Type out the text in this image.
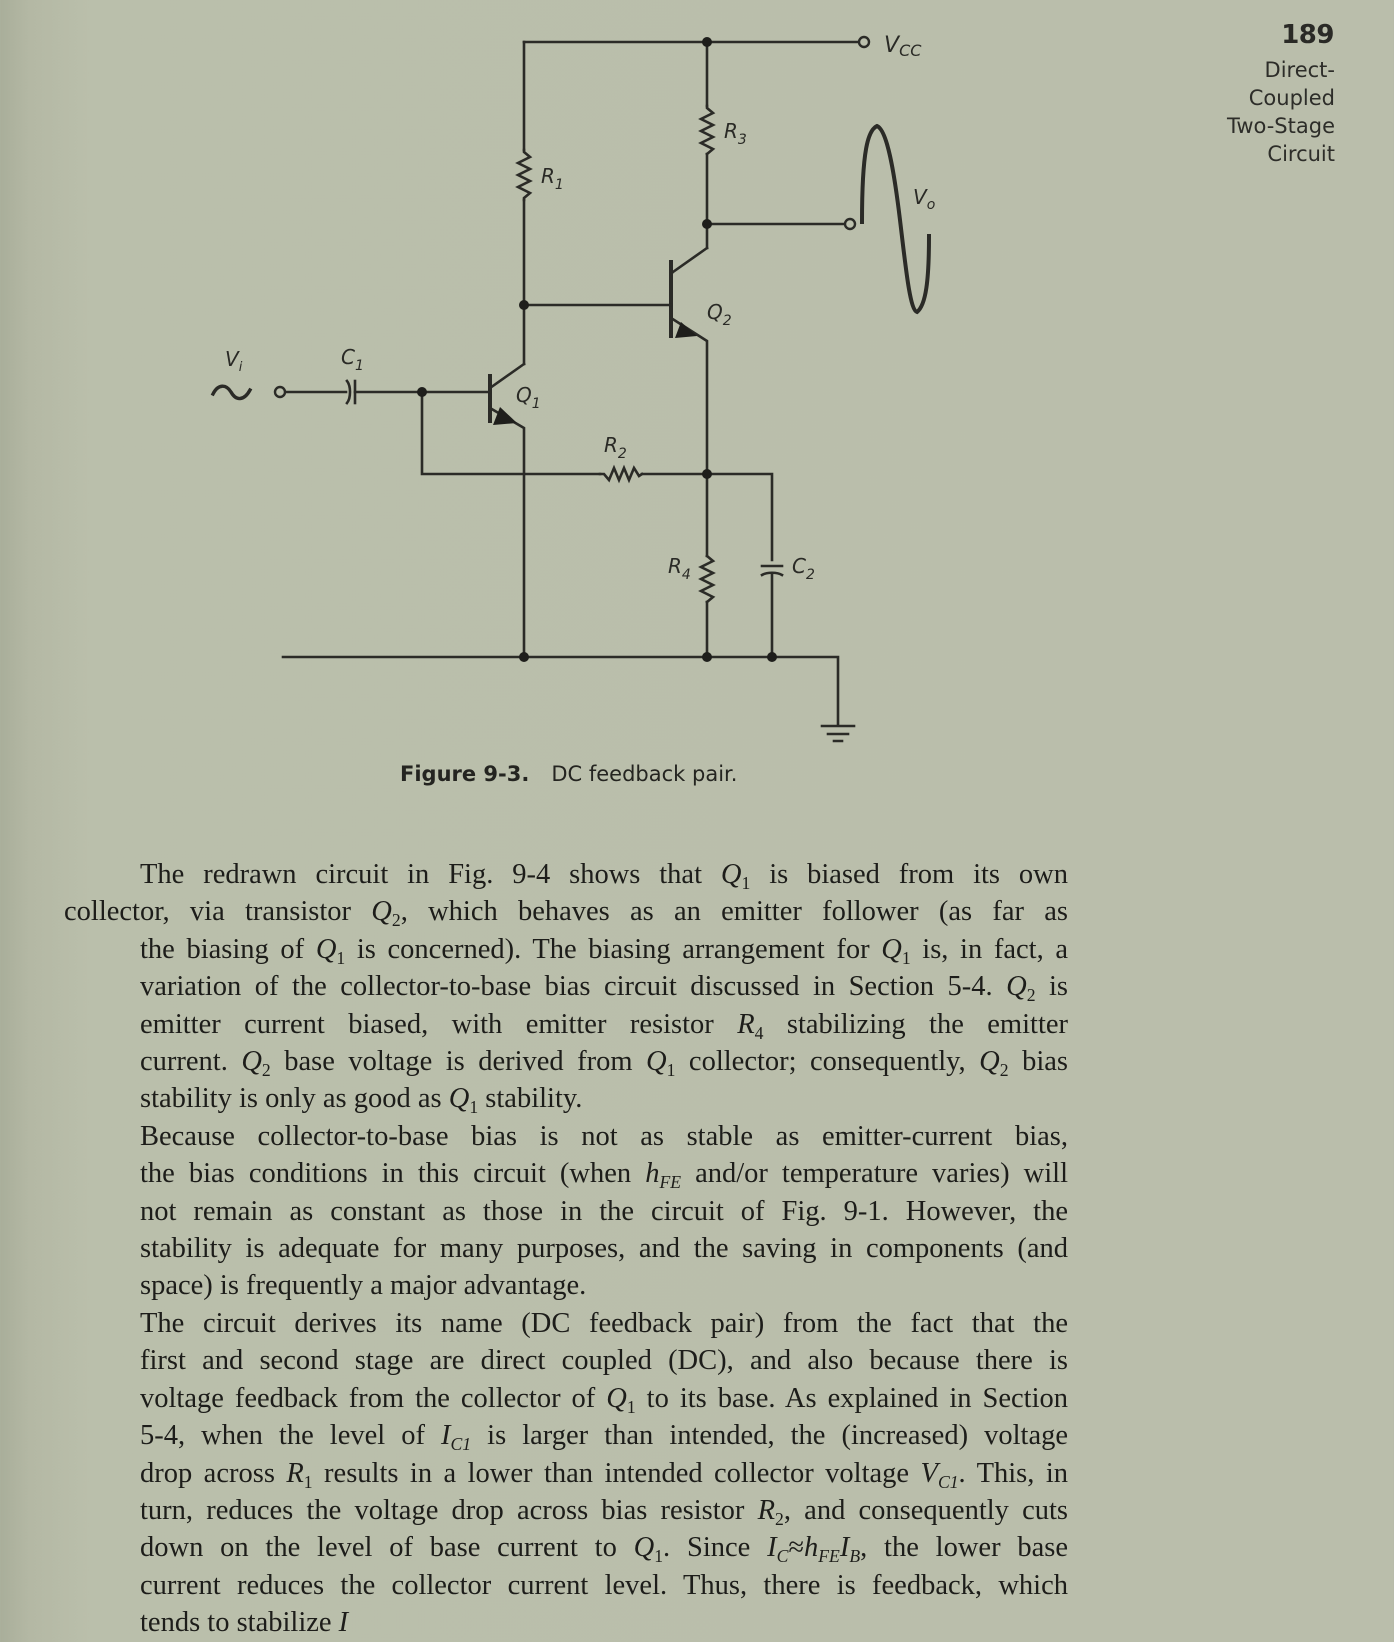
189
Direct-
Coupled
Two-Stage
Circuit
VCC
$R_3$
$R_1$	$V_o$
$Q_2$
$V_i$	$C_1$
$Q_1$
$R_2$
$R_4$	$C_2$
Figure 9-3. DC feedback pair.
The redrawn circuit in Fig. 9-4 shows that $Q_1$ is biased from its own
collector, via transistor $Q_2$, which behaves as an emitter follower (as far as
the biasing of $Q_1$ is concerned). The biasing arrangement for $Q_1$ is, in fact, a
variation of the collector-to-base bias circuit discussed in Section 5-4. $Q_2$ is
emitter current biased, with emitter resistor $R_4$ stabilizing the emitter
current. $Q_2$ base voltage is derived from $Q_1$ collector; consequently, $Q_2$ bias
stability is only as good as $Q_1$ stability.
Because collector-to-base bias is not as stable as emitter-current bias,
the bias conditions in this circuit (when $h_{FE}$ and/or temperature varies) will
not remain as constant as those in the circuit of Fig. 9-1. However, the
stability is adequate for many purposes, and the saving in components (and
space) is frequently a major advantage.
The circuit derives its name (DC feedback pair) from the fact that the
first and second stage are direct coupled (DC), and also because there is
voltage feedback from the collector of $Q_1$ to its base. As explained in Section
5-4, when the level of $I_{C1}$ is larger than intended, the (increased) voltage
drop across $R_1$ results in a lower than intended collector voltage $V_{C1}$. This, in
turn, reduces the voltage drop across bias resistor $R_2$, and consequently cuts
down on the level of base current to $Q_1$. Since $I_C\approx h_{FE}I_B$, the lower base
current reduces the collector current level. Thus, there is feedback, which
tends to stabilize I
